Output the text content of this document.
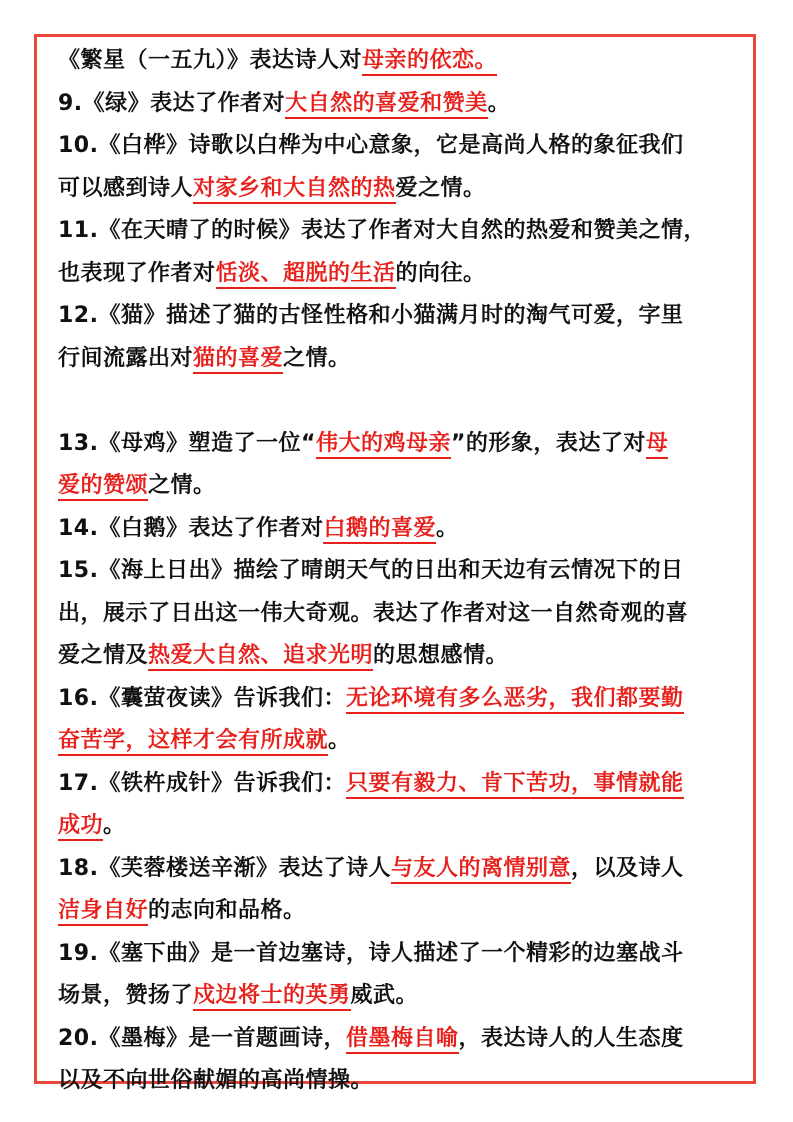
《繁星（一五九）》表达诗人对母亲的依恋。
9.《绿》表达了作者对大自然的喜爱和赞美。
10.《白桦》诗歌以白桦为中心意象，它是高尚人格的象征我们
可以感到诗人对家乡和大自然的热爱之情。
11.《在天晴了的时候》表达了作者对大自然的热爱和赞美之情，
也表现了作者对恬淡、超脱的生活的向往。
12.《猫》描述了猫的古怪性格和小猫满月时的淘气可爱，字里
行间流露出对猫的喜爱之情。
13.《母鸡》塑造了一位“伟大的鸡母亲”的形象，表达了对母
爱的赞颂之情。
14.《白鹅》表达了作者对白鹅的喜爱。
15.《海上日出》描绘了晴朗天气的日出和天边有云情况下的日
出，展示了日出这一伟大奇观。表达了作者对这一自然奇观的喜
爱之情及热爱大自然、追求光明的思想感情。
16.《囊萤夜读》告诉我们：无论环境有多么恶劣，我们都要勤
奋苦学，这样才会有所成就。
17.《铁杵成针》告诉我们：只要有毅力、肯下苦功，事情就能
成功。
18.《芙蓉楼送辛渐》表达了诗人与友人的离情别意，以及诗人
洁身自好的志向和品格。
19.《塞下曲》是一首边塞诗，诗人描述了一个精彩的边塞战斗
场景，赞扬了戍边将士的英勇威武。
20.《墨梅》是一首题画诗，借墨梅自喻，表达诗人的人生态度
以及不向世俗献媚的高尚情操。
